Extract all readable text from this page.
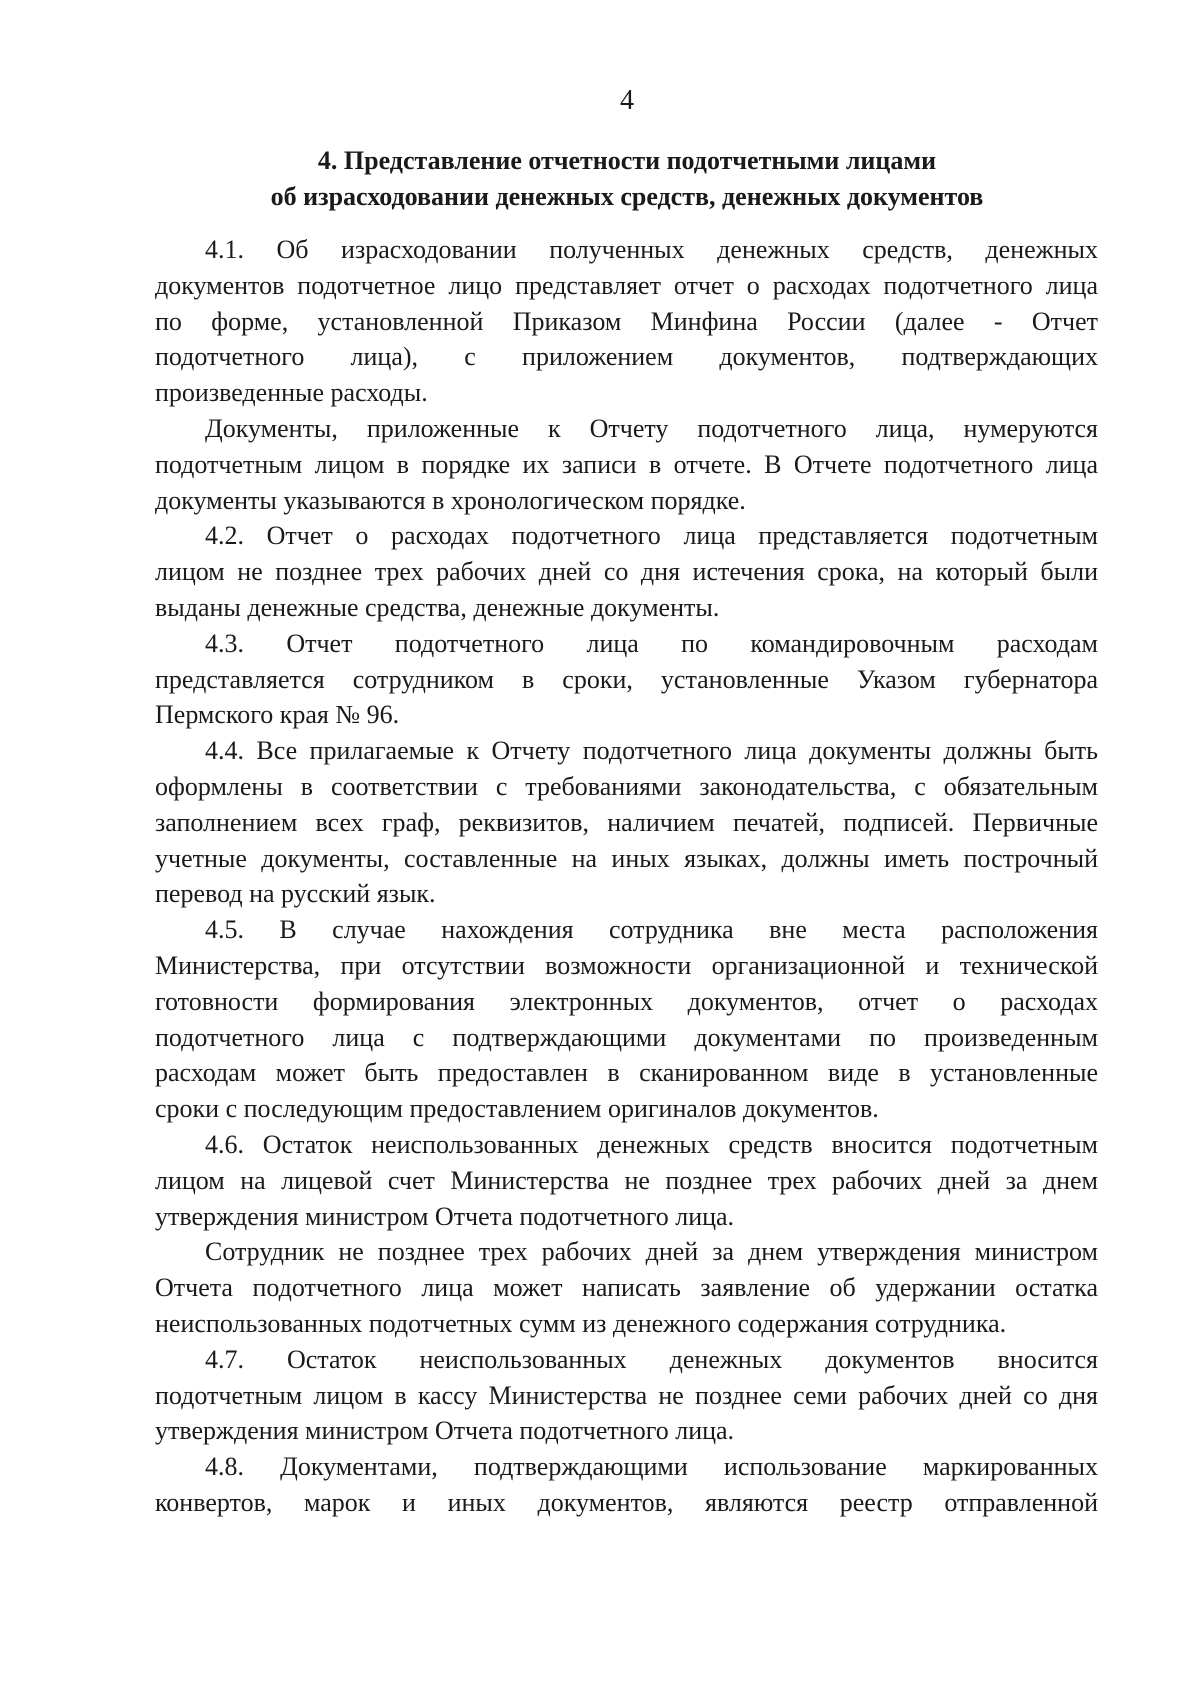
4
4. Представление отчетности подотчетными лицами
об израсходовании денежных средств, денежных документов
4.1. Об израсходовании полученных денежных средств, денежных
документов подотчетное лицо представляет отчет о расходах подотчетного лица
по форме, установленной Приказом Минфина России (далее - Отчет
подотчетного лица), с приложением документов, подтверждающих
произведенные расходы.
Документы, приложенные к Отчету подотчетного лица, нумеруются
подотчетным лицом в порядке их записи в отчете. В Отчете подотчетного лица
документы указываются в хронологическом порядке.
4.2. Отчет о расходах подотчетного лица представляется подотчетным
лицом не позднее трех рабочих дней со дня истечения срока, на который были
выданы денежные средства, денежные документы.
4.3. Отчет подотчетного лица по командировочным расходам
представляется сотрудником в сроки, установленные Указом губернатора
Пермского края № 96.
4.4. Все прилагаемые к Отчету подотчетного лица документы должны быть
оформлены в соответствии с требованиями законодательства, с обязательным
заполнением всех граф, реквизитов, наличием печатей, подписей. Первичные
учетные документы, составленные на иных языках, должны иметь построчный
перевод на русский язык.
4.5. В случае нахождения сотрудника вне места расположения
Министерства, при отсутствии возможности организационной и технической
готовности формирования электронных документов, отчет о расходах
подотчетного лица с подтверждающими документами по произведенным
расходам может быть предоставлен в сканированном виде в установленные
сроки с последующим предоставлением оригиналов документов.
4.6. Остаток неиспользованных денежных средств вносится подотчетным
лицом на лицевой счет Министерства не позднее трех рабочих дней за днем
утверждения министром Отчета подотчетного лица.
Сотрудник не позднее трех рабочих дней за днем утверждения министром
Отчета подотчетного лица может написать заявление об удержании остатка
неиспользованных подотчетных сумм из денежного содержания сотрудника.
4.7. Остаток неиспользованных денежных документов вносится
подотчетным лицом в кассу Министерства не позднее семи рабочих дней со дня
утверждения министром Отчета подотчетного лица.
4.8. Документами, подтверждающими использование маркированных
конвертов, марок и иных документов, являются реестр отправленной
